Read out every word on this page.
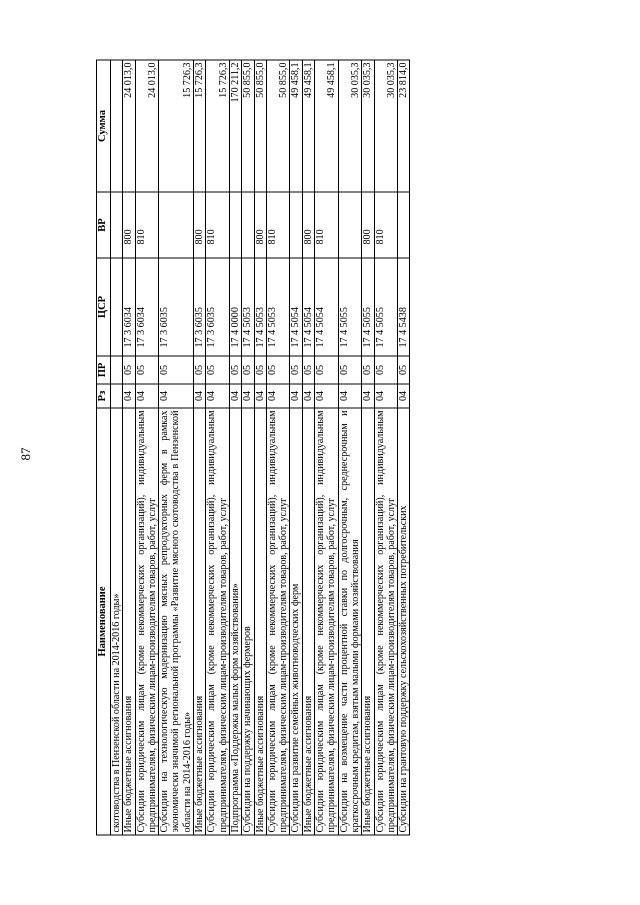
87
Наименование	Рз	ПР	ЦСР	ВР	Сумма
скотоводства в Пензенской области на 2014-2016 годы»					
Иные бюджетные ассигнования	04	05	17 3 6034	800	24 013,0
Субсидии юридическим лицам (кроме некоммерческих организаций), индивидуальным предпринимателям, физическим лицам-производителям товаров, работ, услуг	04	05	17 3 6034	810	24 013,0
Субсидии на технологическую модернизацию мясных репродукторных ферм в рамках экономически значимой региональной программы «Развитие мясного скотоводства в Пензенской области на 2014-2016 годы»	04	05	17 3 6035		15 726,3
Иные бюджетные ассигнования	04	05	17 3 6035	800	15 726,3
Субсидии юридическим лицам (кроме некоммерческих организаций), индивидуальным предпринимателям, физическим лицам-производителям товаров, работ, услуг	04	05	17 3 6035	810	15 726,3
Подпрограмма «Поддержка малых форм хозяйствования»	04	05	17 4 0000		170 211,2
Субсидии на поддержку начинающих фермеров	04	05	17 4 5053		50 855,0
Иные бюджетные ассигнования	04	05	17 4 5053	800	50 855,0
Субсидии юридическим лицам (кроме некоммерческих организаций), индивидуальным предпринимателям, физическим лицам-производителям товаров, работ, услуг	04	05	17 4 5053	810	50 855,0
Субсидии на развитие семейных животноводческих ферм	04	05	17 4 5054		49 458,1
Иные бюджетные ассигнования	04	05	17 4 5054	800	49 458,1
Субсидии юридическим лицам (кроме некоммерческих организаций), индивидуальным предпринимателям, физическим лицам-производителям товаров, работ, услуг	04	05	17 4 5054	810	49 458,1
Субсидии на возмещение части процентной ставки по долгосрочным, среднесрочным и краткосрочным кредитам, взятым малыми формами хозяйствования	04	05	17 4 5055		30 035,3
Иные бюджетные ассигнования	04	05	17 4 5055	800	30 035,3
Субсидии юридическим лицам (кроме некоммерческих организаций), индивидуальным предпринимателям, физическим лицам-производителям товаров, работ, услуг	04	05	17 4 5055	810	30 035,3
Субсидии на грантовую поддержку сельскохозяйственных потребительских	04	05	17 4 5438		23 814,0
